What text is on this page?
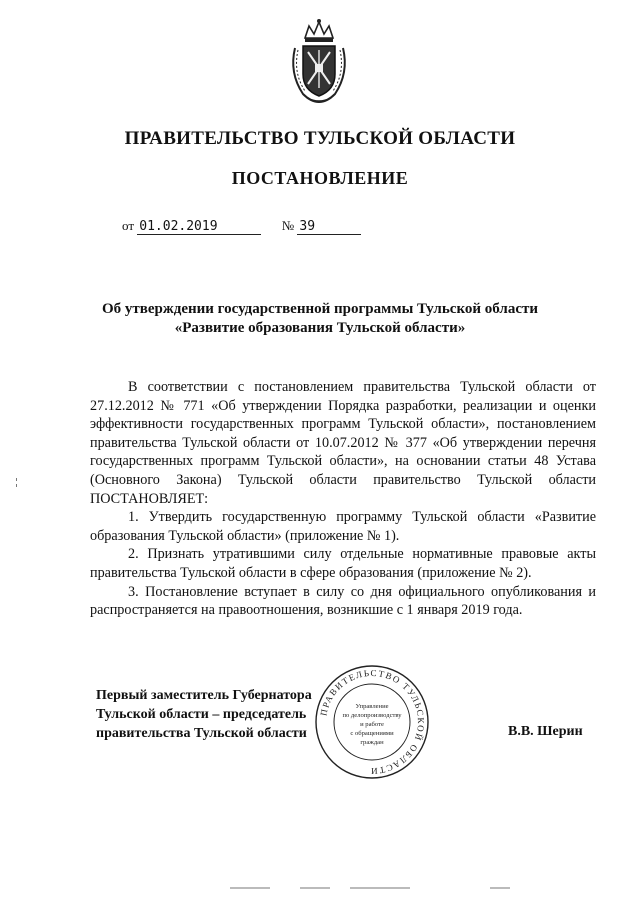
ПРАВИТЕЛЬСТВО ТУЛЬСКОЙ ОБЛАСТИ
ПОСТАНОВЛЕНИЕ
от 01.02.2019	№ 39
Об утверждении государственной программы Тульской области
«Развитие образования Тульской области»

В соответствии с постановлением правительства Тульской области от 27.12.2012 № 771 «Об утверждении Порядка разработки, реализации и оценки эффективности государственных программ Тульской области», постановлением правительства Тульской области от 10.07.2012 № 377 «Об утверждении перечня государственных программ Тульской области», на основании статьи 48 Устава (Основного Закона) Тульской области правительство Тульской области ПОСТАНОВЛЯЕТ:

1. Утвердить государственную программу Тульской области «Развитие образования Тульской области» (приложение № 1).

2. Признать утратившими силу отдельные нормативные правовые акты правительства Тульской области в сфере образования (приложение № 2).

3. Постановление вступает в силу со дня официального опубликования и распространяется на правоотношения, возникшие с 1 января 2019 года.

Первый заместитель Губернатора
Тульской области – председатель
правительства Тульской области
ПРАВИТЕЛЬСТВО ТУЛЬСКОЙ ОБЛАСТИ
Управление
по делопроизводству
и работе
с обращениями
граждан
В.В. Шерин
